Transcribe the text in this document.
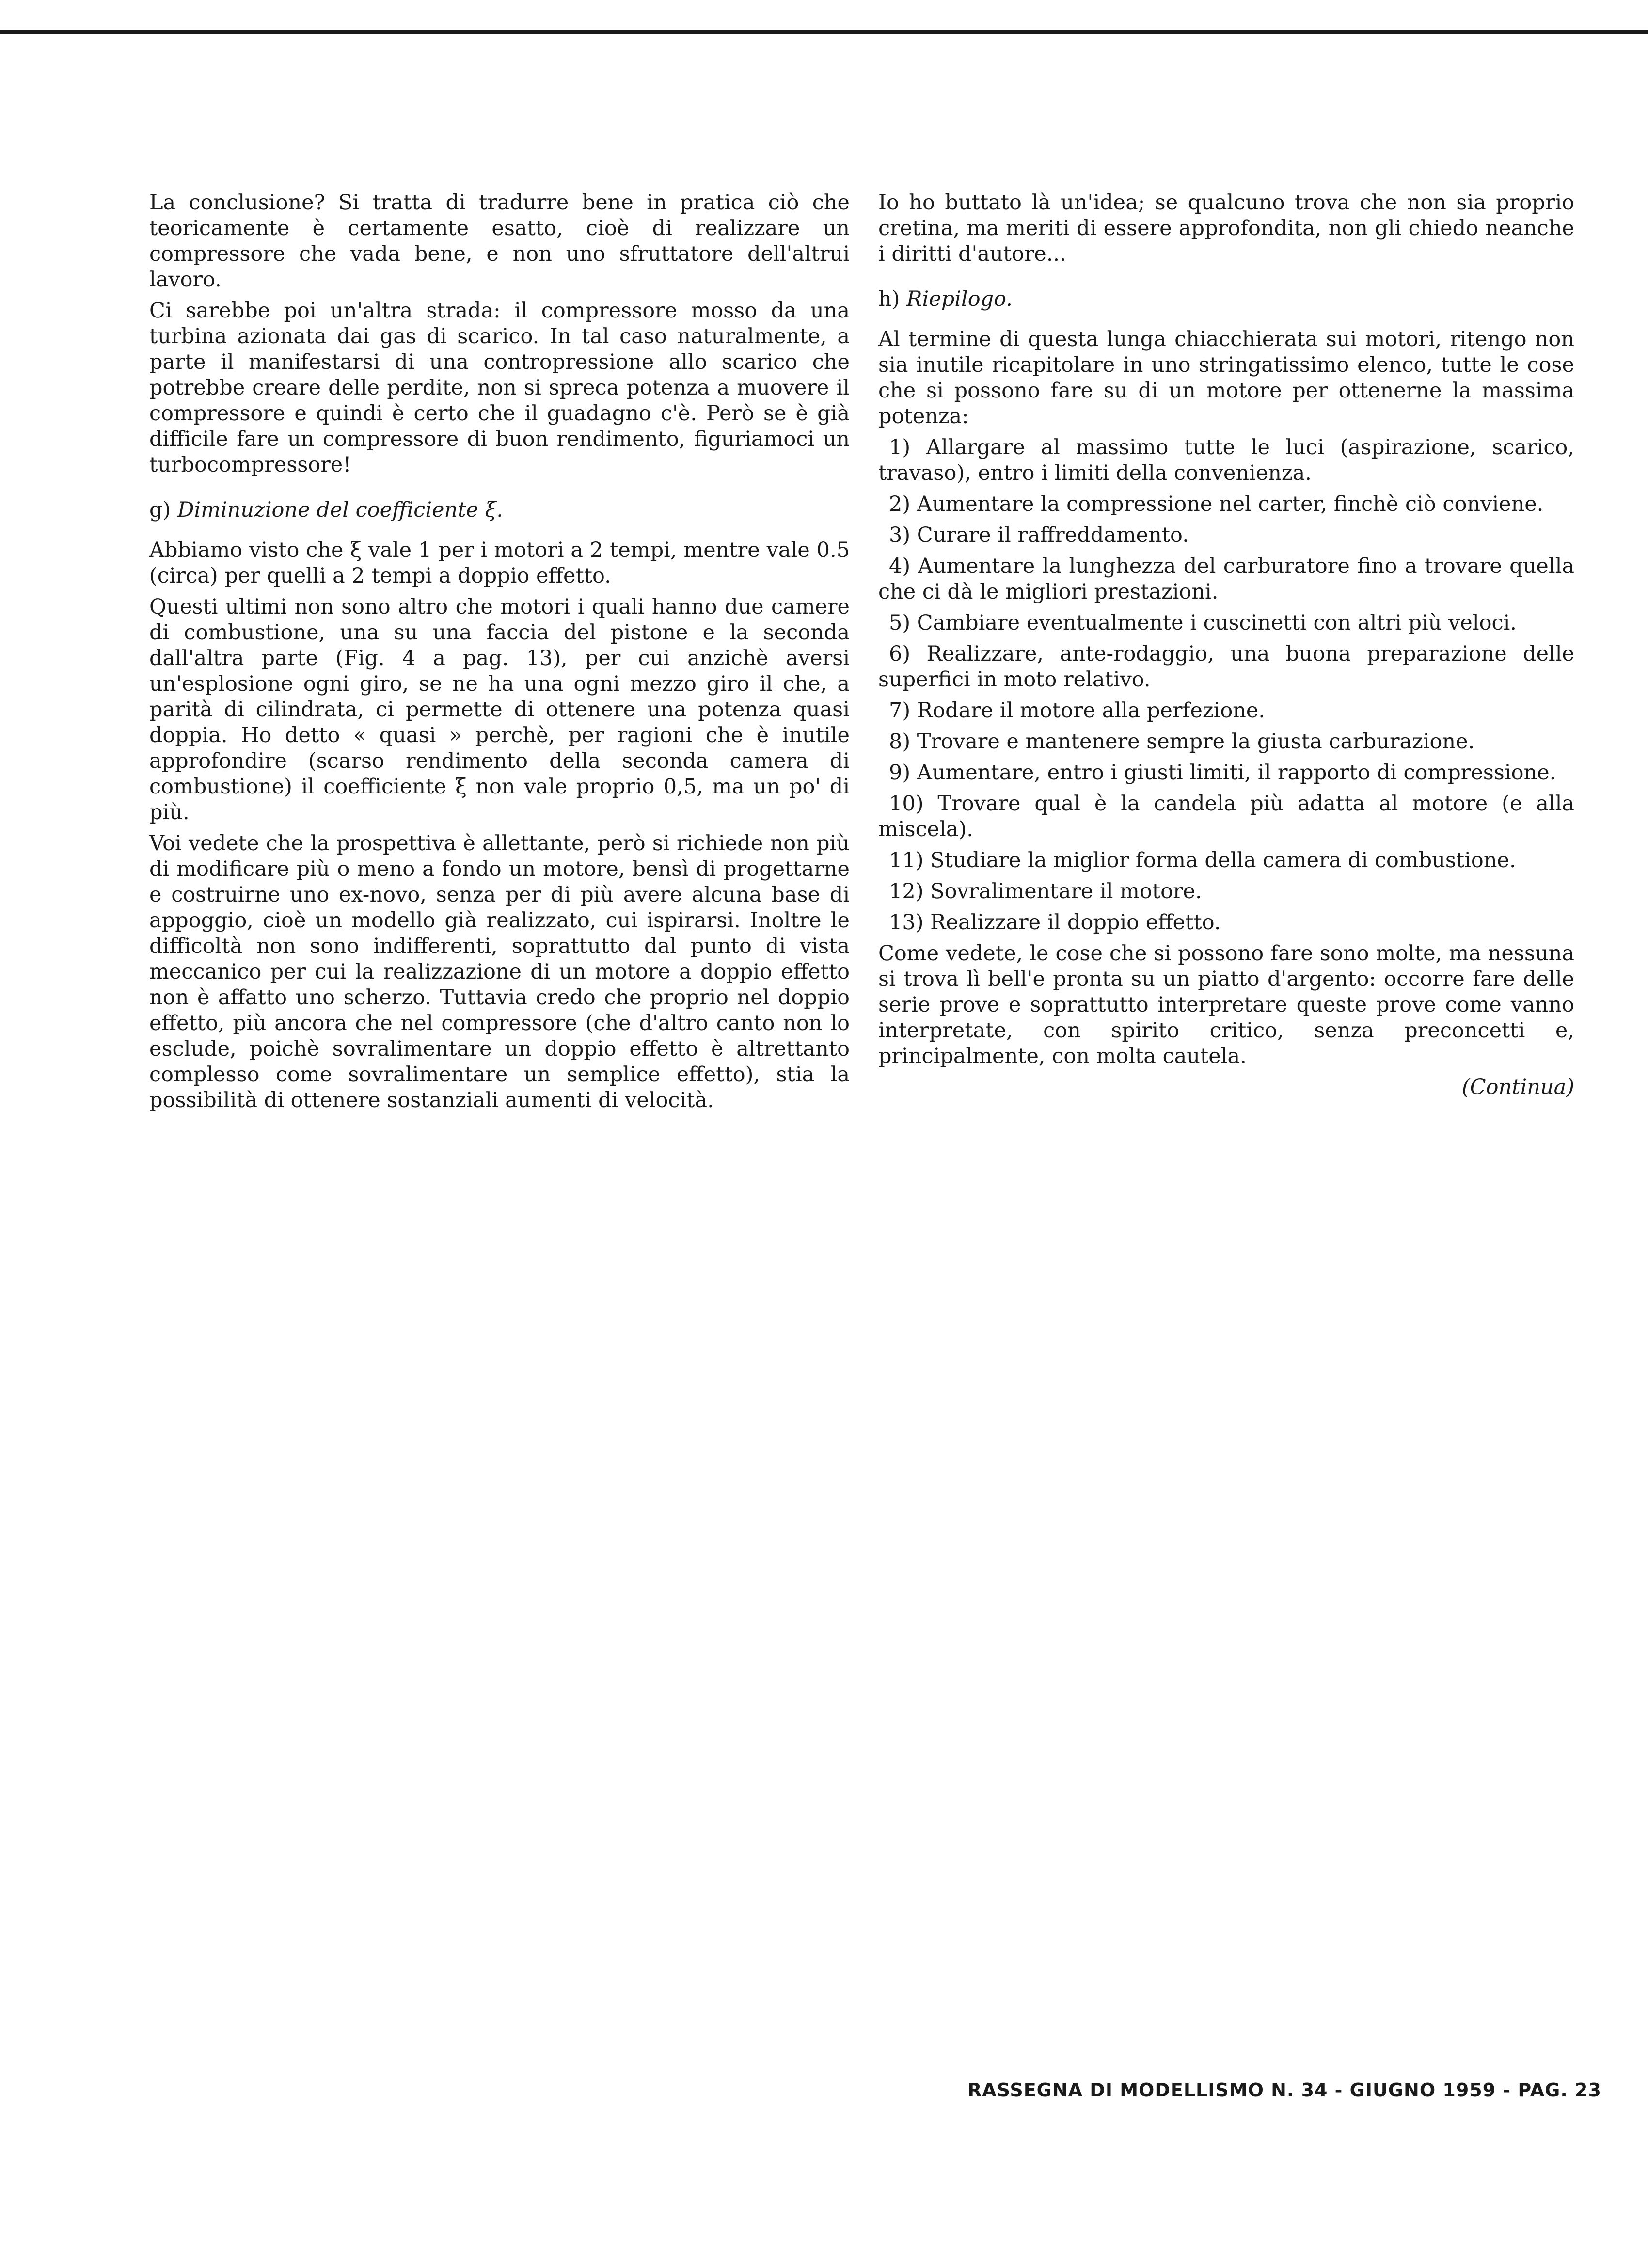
La conclusione? Si tratta di tradurre bene in pratica ciò che teoricamente è certamente esatto, cioè di realizzare un compressore che vada bene, e non uno sfruttatore dell'altrui lavoro.

Ci sarebbe poi un'altra strada: il compressore mosso da una turbina azionata dai gas di scarico. In tal caso naturalmente, a parte il manifestarsi di una contropressione allo scarico che potrebbe creare delle perdite, non si spreca potenza a muovere il compressore e quindi è certo che il guadagno c'è. Però se è già difficile fare un compressore di buon rendimento, figuriamoci un turbocompressore!

g) Diminuzione del coefficiente ξ.

Abbiamo visto che ξ vale 1 per i motori a 2 tempi, mentre vale 0.5 (circa) per quelli a 2 tempi a doppio effetto.

Questi ultimi non sono altro che motori i quali hanno due camere di combustione, una su una faccia del pistone e la seconda dall'altra parte (Fig. 4 a pag. 13), per cui anzichè aversi un'esplosione ogni giro, se ne ha una ogni mezzo giro il che, a parità di cilindrata, ci permette di ottenere una potenza quasi doppia. Ho detto « quasi » perchè, per ragioni che è inutile approfondire (scarso rendimento della seconda camera di combustione) il coefficiente ξ non vale proprio 0,5, ma un po' di più.

Voi vedete che la prospettiva è allettante, però si richiede non più di modificare più o meno a fondo un motore, bensì di progettarne e costruirne uno ex-novo, senza per di più avere alcuna base di appoggio, cioè un modello già realizzato, cui ispirarsi. Inoltre le difficoltà non sono indifferenti, soprattutto dal punto di vista meccanico per cui la realizzazione di un motore a doppio effetto non è affatto uno scherzo. Tuttavia credo che proprio nel doppio effetto, più ancora che nel compressore (che d'altro canto non lo esclude, poichè sovralimentare un doppio effetto è altrettanto complesso come sovralimentare un semplice effetto), stia la possibilità di ottenere sostanziali aumenti di velocità.

Io ho buttato là un'idea; se qualcuno trova che non sia proprio cretina, ma meriti di essere approfondita, non gli chiedo neanche i diritti d'autore...

h) Riepilogo.

Al termine di questa lunga chiacchierata sui motori, ritengo non sia inutile ricapitolare in uno stringatissimo elenco, tutte le cose che si possono fare su di un motore per ottenerne la massima potenza:

1) Allargare al massimo tutte le luci (aspirazione, scarico, travaso), entro i limiti della convenienza.

2) Aumentare la compressione nel carter, finchè ciò conviene.

3) Curare il raffreddamento.

4) Aumentare la lunghezza del carburatore fino a trovare quella che ci dà le migliori prestazioni.

5) Cambiare eventualmente i cuscinetti con altri più veloci.

6) Realizzare, ante-rodaggio, una buona preparazione delle superfici in moto relativo.

7) Rodare il motore alla perfezione.

8) Trovare e mantenere sempre la giusta carburazione.

9) Aumentare, entro i giusti limiti, il rapporto di compressione.

10) Trovare qual è la candela più adatta al motore (e alla miscela).

11) Studiare la miglior forma della camera di combustione.

12) Sovralimentare il motore.

13) Realizzare il doppio effetto.

Come vedete, le cose che si possono fare sono molte, ma nessuna si trova lì bell'e pronta su un piatto d'argento: occorre fare delle serie prove e soprattutto interpretare queste prove come vanno interpretate, con spirito critico, senza preconcetti e, principalmente, con molta cautela.

(Continua)

RASSEGNA DI MODELLISMO N. 34 - GIUGNO 1959 - PAG. 23
